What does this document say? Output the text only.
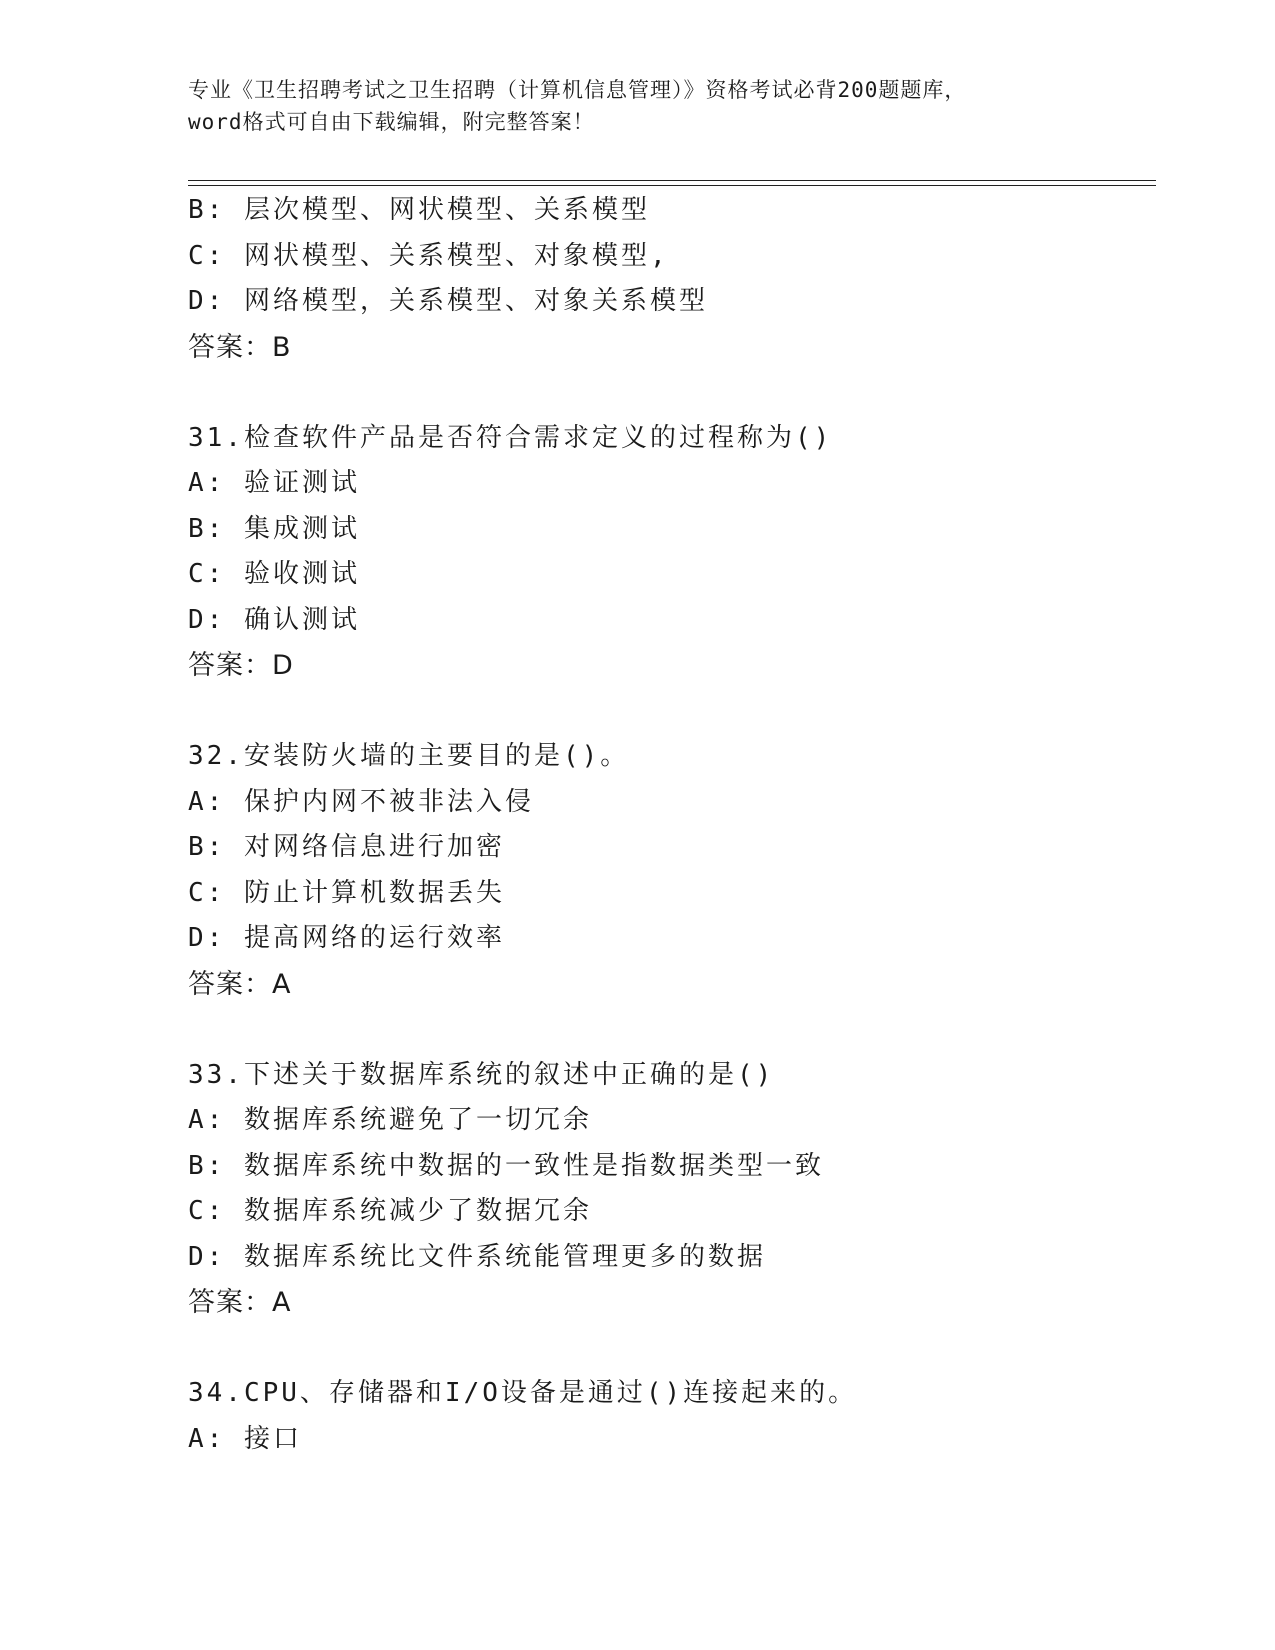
专业《卫生招聘考试之卫生招聘（计算机信息管理）》资格考试必背200题题库，
word格式可自由下载编辑，附完整答案！
B: 层次模型、网状模型、关系模型
C: 网状模型、关系模型、对象模型,
D: 网络模型，关系模型、对象关系模型
答案：B
31.检查软件产品是否符合需求定义的过程称为()
A: 验证测试
B: 集成测试
C: 验收测试
D: 确认测试
答案：D
32.安装防火墙的主要目的是()。
A: 保护内网不被非法入侵
B: 对网络信息进行加密
C: 防止计算机数据丢失
D: 提高网络的运行效率
答案：A
33.下述关于数据库系统的叙述中正确的是()
A: 数据库系统避免了一切冗余
B: 数据库系统中数据的一致性是指数据类型一致
C: 数据库系统减少了数据冗余
D: 数据库系统比文件系统能管理更多的数据
答案：A
34.CPU、存储器和I/O设备是通过()连接起来的。
A: 接口
